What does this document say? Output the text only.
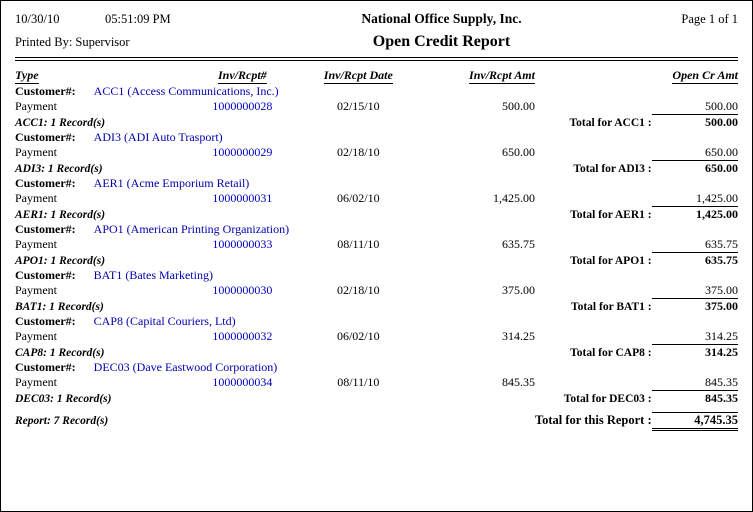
10/30/10	05:51:09 PM	National Office Supply, Inc.	Page 1 of 1
Printed By: Supervisor	Open Credit Report
Type	Inv/Rcpt#	Inv/Rcpt Date	Inv/Rcpt Amt		Open Cr Amt
Customer#: ACC1 (Access Communications, Inc.)					
Payment	1000000028	02/15/10	500.00		500.00
ACC1: 1 Record(s)				Total for ACC1 :	500.00
Customer#: ADI3 (ADI Auto Trasport)					
Payment	1000000029	02/18/10	650.00		650.00
ADI3: 1 Record(s)				Total for ADI3 :	650.00
Customer#: AER1 (Acme Emporium Retail)					
Payment	1000000031	06/02/10	1,425.00		1,425.00
AER1: 1 Record(s)				Total for AER1 :	1,425.00
Customer#: APO1 (American Printing Organization)					
Payment	1000000033	08/11/10	635.75		635.75
APO1: 1 Record(s)				Total for APO1 :	635.75
Customer#: BAT1 (Bates Marketing)					
Payment	1000000030	02/18/10	375.00		375.00
BAT1: 1 Record(s)				Total for BAT1 :	375.00
Customer#: CAP8 (Capital Couriers, Ltd)					
Payment	1000000032	06/02/10	314.25		314.25
CAP8: 1 Record(s)				Total for CAP8 :	314.25
Customer#: DEC03 (Dave Eastwood Corporation)					
Payment	1000000034	08/11/10	845.35		845.35
DEC03: 1 Record(s)				Total for DEC03 :	845.35

Report: 7 Record(s)				Total for this Report :	4,745.35
